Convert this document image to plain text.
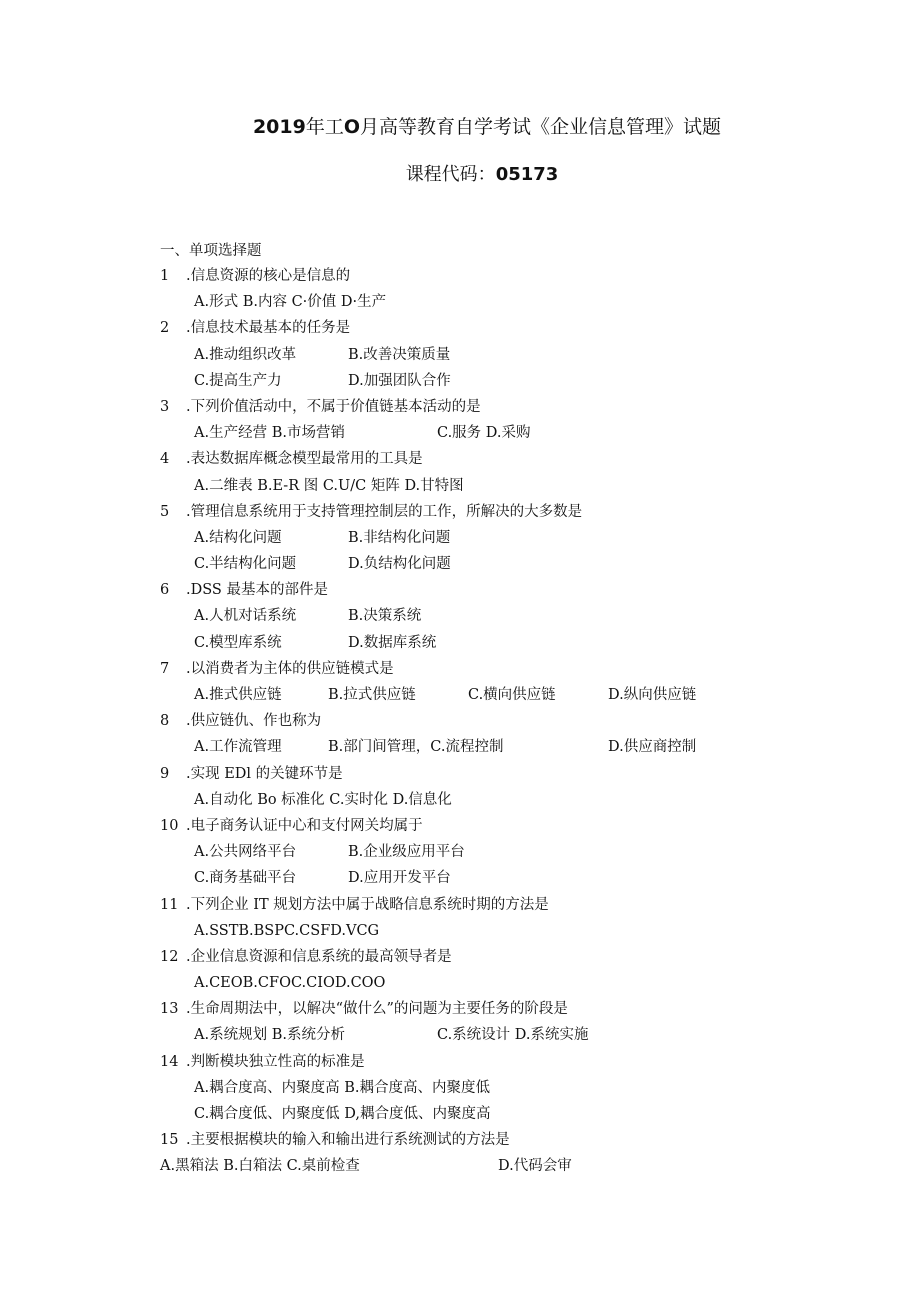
2019年工O月高等教育自学考试《企业信息管理》试题
课程代码：05173
一、单项选择题
1 .信息资源的核心是信息的
A.形式 B.内容 C·价值 D·生产
2 .信息技术最基本的任务是
A.推动组织改革	B.改善决策质量
C.提高生产力	D.加强团队合作
3 .下列价值活动中，不属于价值链基本活动的是
A.生产经营 B.市场营销	C.服务 D.采购
4 .表达数据库概念模型最常用的工具是
A.二维表 B.E-R 图 C.U/C 矩阵 D.甘特图
5 .管理信息系统用于支持管理控制层的工作，所解决的大多数是
A.结构化问题	B.非结构化问题
C.半结构化问题	D.负结构化问题
6 .DSS 最基本的部件是
A.人机对话系统	B.决策系统
C.模型库系统	D.数据库系统
7 .以消费者为主体的供应链模式是
A.推式供应链	B.拉式供应链	C.横向供应链	D.纵向供应链
8 .供应链仇、作也称为
A.工作流管理	B.部门间管理，C.流程控制	D.供应商控制
9 .实现 EDl 的关键环节是
A.自动化 Bo 标准化 C.实时化 D.信息化
10 .电子商务认证中心和支付网关均属于
A.公共网络平台	B.企业级应用平台
C.商务基础平台	D.应用开发平台
11 .下列企业 IT 规划方法中属于战略信息系统时期的方法是
A.SSTB.BSPC.CSFD.VCG
12 .企业信息资源和信息系统的最高领导者是
A.CEOB.CFOC.CIOD.COO
13 .生命周期法中，以解决“做什么”的问题为主要任务的阶段是
A.系统规划 B.系统分析	C.系统设计 D.系统实施
14 .判断模块独立性高的标准是
A.耦合度高、内聚度高 B.耦合度高、内聚度低
C.耦合度低、内聚度低 D,耦合度低、内聚度高
15 .主要根据模块的输入和输出进行系统测试的方法是
A.黑箱法 B.白箱法 C.桌前检查	D.代码会审
